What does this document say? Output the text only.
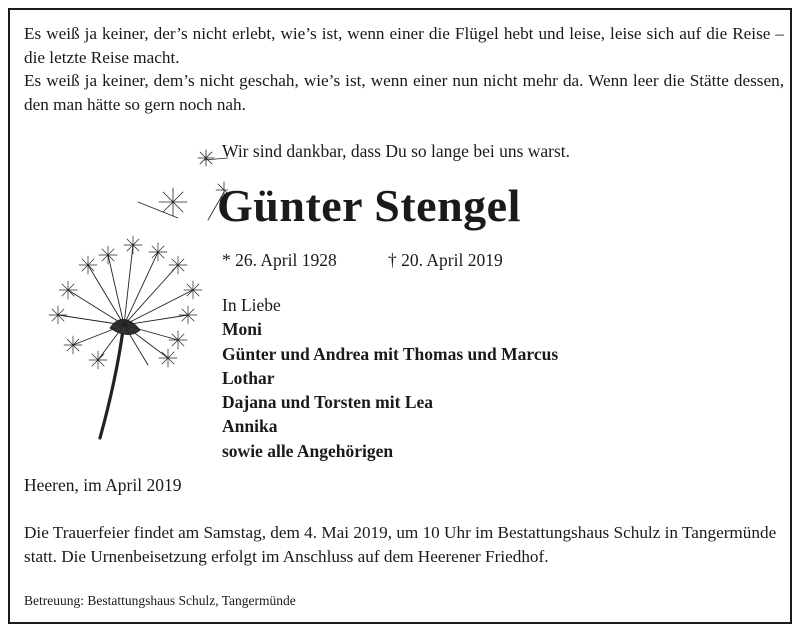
Es weiß ja keiner, der’s nicht erlebt, wie’s ist, wenn einer die Flügel hebt und leise, leise sich auf die Reise – die letzte Reise macht.

Es weiß ja keiner, dem’s nicht geschah, wie’s ist, wenn einer nun nicht mehr da. Wenn leer die Stätte dessen, den man hätte so gern noch nah.

Wir sind dankbar, dass Du so lange bei uns warst.
Günter Stengel
* 26. April 1928	† 20. April 2019
In Liebe
Moni
Günter und Andrea mit Thomas und Marcus
Lothar
Dajana und Torsten mit Lea
Annika
sowie alle Angehörigen
Heeren, im April 2019
Die Trauerfeier findet am Samstag, dem 4. Mai 2019, um 10 Uhr im Bestattungshaus Schulz in Tangermünde statt. Die Urnenbeisetzung erfolgt im Anschluss auf dem Heerener Friedhof.
Betreuung: Bestattungshaus Schulz, Tangermünde
